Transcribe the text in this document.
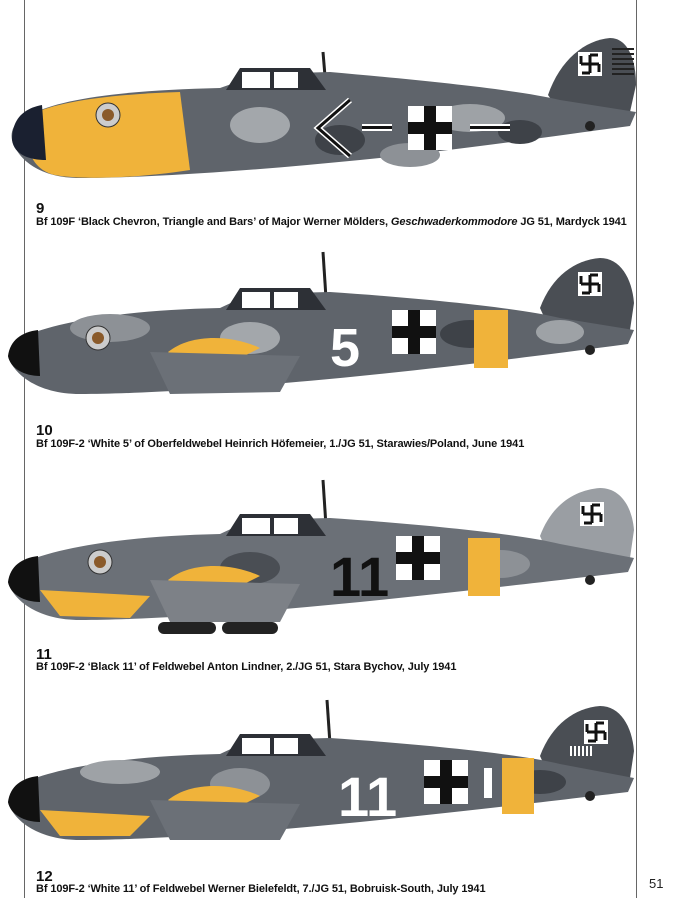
9
Bf 109F ‘Black Chevron, Triangle and Bars’ of Major Werner Mölders, Geschwaderkommodore JG 51, Mardyck 1941
5
10
Bf 109F-2 ‘White 5’ of Oberfeldwebel Heinrich Höfemeier, 1./JG 51, Starawies/Poland, June 1941
11
11
Bf 109F-2 ‘Black 11’ of Feldwebel Anton Lindner, 2./JG 51, Stara Bychov, July 1941
11
12
Bf 109F-2 ‘White 11’ of Feldwebel Werner Bielefeldt, 7./JG 51, Bobruisk-South, July 1941	51
